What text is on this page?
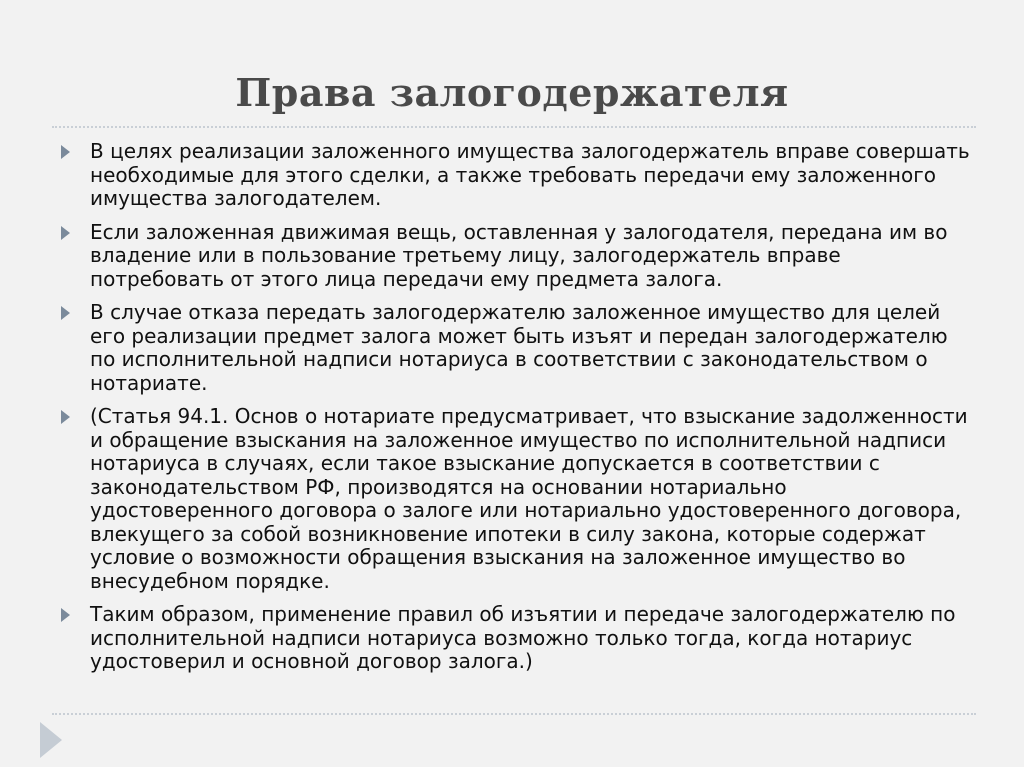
Права залогодержателя
В целях реализации заложенного имущества залогодержатель вправе совершать необходимые для этого сделки, а также требовать передачи ему заложенного имущества залогодателем.
Если заложенная движимая вещь, оставленная у залогодателя, передана им во владение или в пользование третьему лицу, залогодержатель вправе потребовать от этого лица передачи ему предмета залога.
В случае отказа передать залогодержателю заложенное имущество для целей его реализации предмет залога может быть изъят и передан залогодержателю по исполнительной надписи нотариуса в соответствии с законодательством о нотариате.
(Статья 94.1. Основ о нотариате предусматривает, что взыскание задолженности и обращение взыскания на заложенное имущество по исполнительной надписи нотариуса в случаях, если такое взыскание допускается в соответствии с законодательством РФ, производятся на основании нотариально удостоверенного договора о залоге или нотариально удостоверенного договора, влекущего за собой возникновение ипотеки в силу закона, которые содержат условие о возможности обращения взыскания на заложенное имущество во внесудебном порядке.
Таким образом, применение правил об изъятии и передаче залогодержателю по исполнительной надписи нотариуса возможно только тогда, когда нотариус удостоверил и основной договор залога.)
